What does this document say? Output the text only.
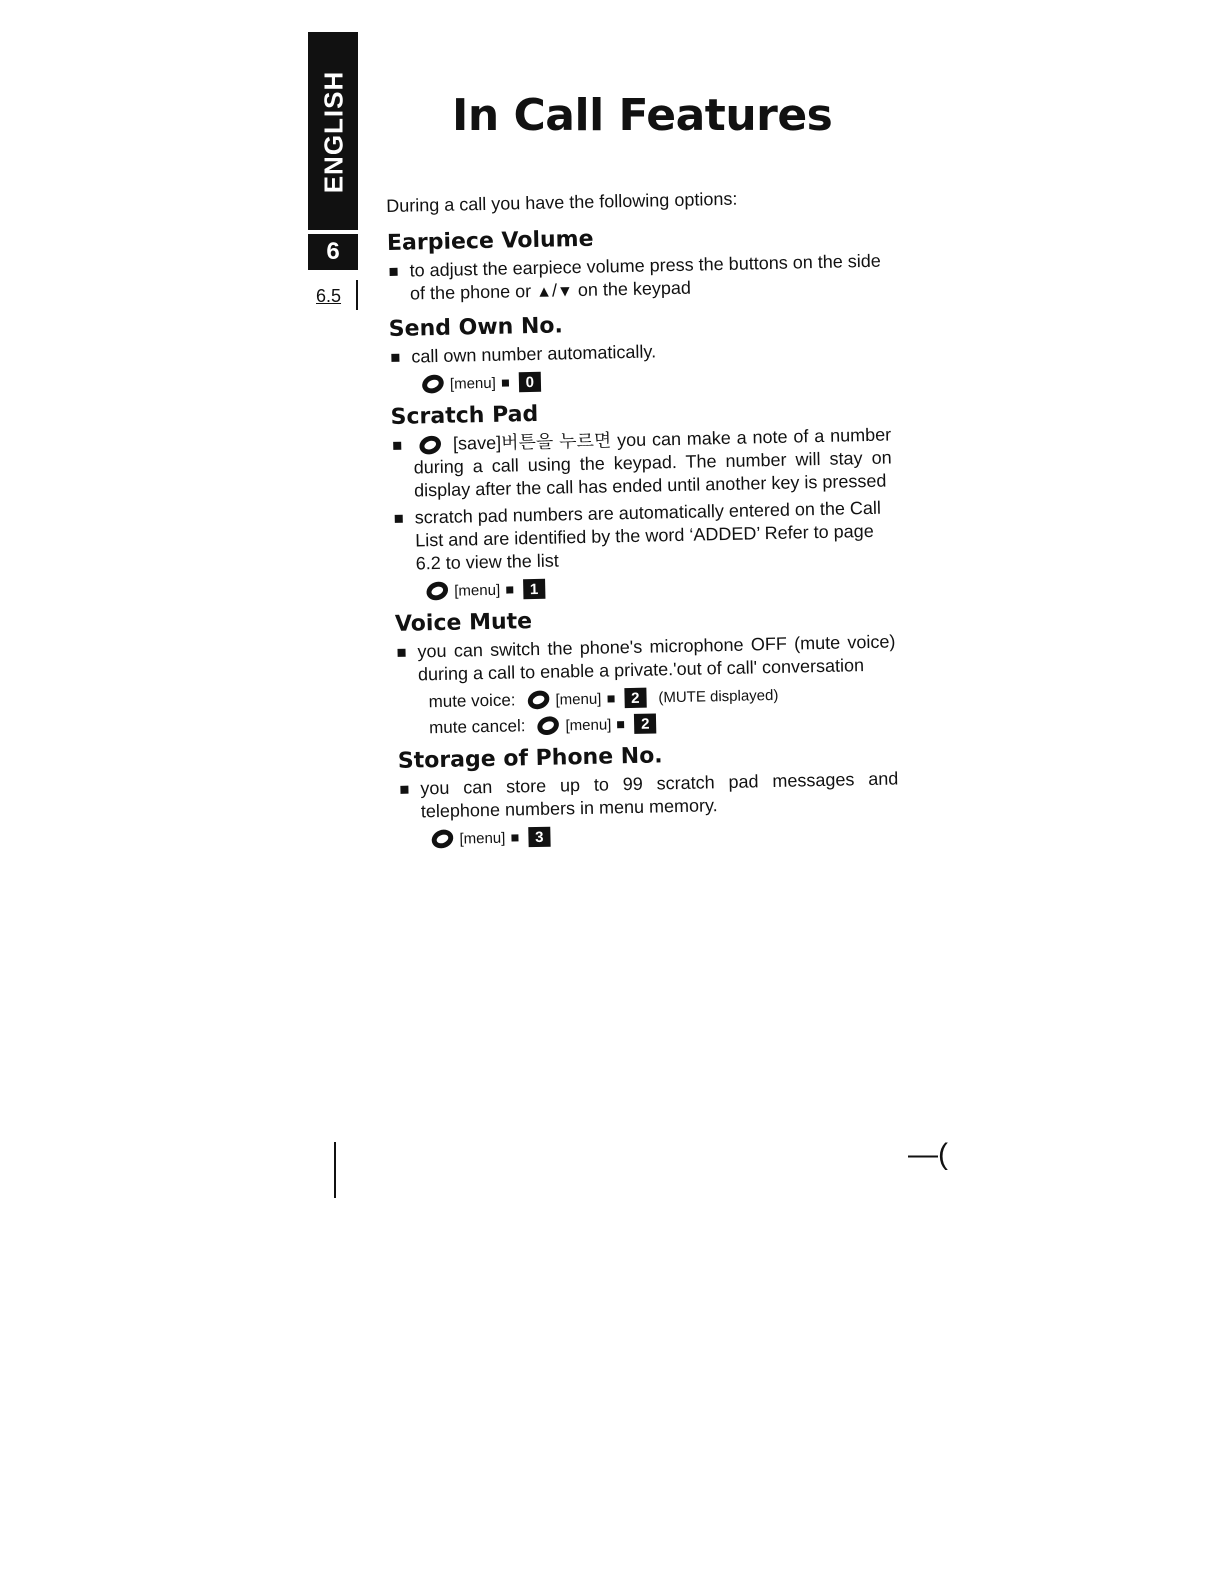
ENGLISH
6
6.5
In Call Features

During a call you have the following options:

Earpiece Volume
to adjust the earpiece volume press the buttons on the side of the phone or ▲/▼ on the keypad
Send Own No.
call own number automatically.
[menu]	0
Scratch Pad
[save]버튼을 누르면 you can make a note of a number during a call using the keypad. The number will stay on display after the call has ended until another key is pressed
scratch pad numbers are automatically entered on the Call List and are identified by the word ‘ADDED’ Refer to page 6.2 to view the list
[menu]	1
Voice Mute
you can switch the phone's microphone OFF (mute voice) during a call to enable a private.'out of call' conversation
mute voice:	[menu]	2	(MUTE displayed)
mute cancel:	[menu]	2
Storage of Phone No.
you can store up to 99 scratch pad messages and telephone numbers in menu memory.
[menu]	3
—(
